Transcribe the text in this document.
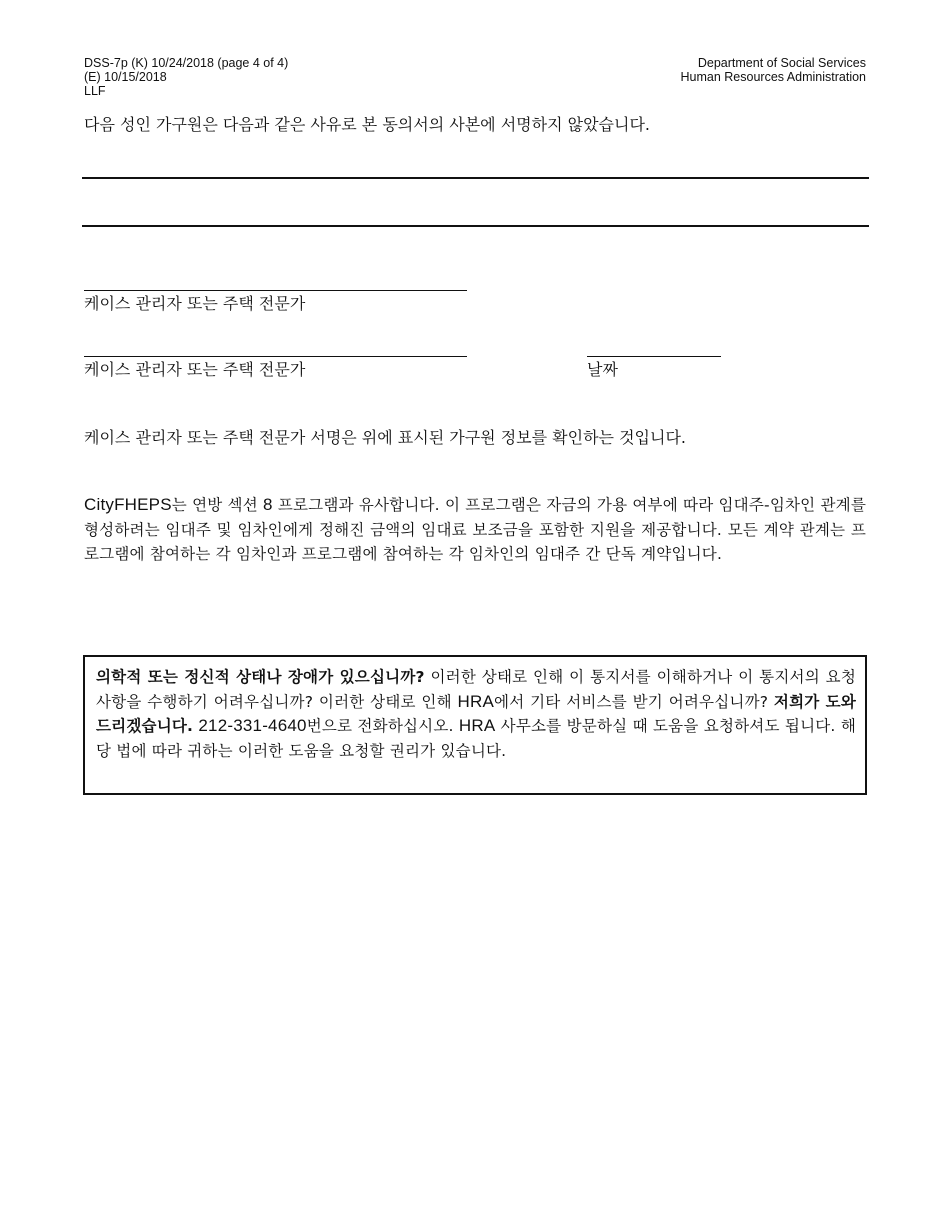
DSS-7p (K) 10/24/2018 (page 4 of 4)
(E) 10/15/2018
LLF
Department of Social Services
Human Resources Administration
다음 성인 가구원은 다음과 같은 사유로 본 동의서의 사본에 서명하지 않았습니다.
케이스 관리자 또는 주택 전문가
케이스 관리자 또는 주택 전문가	날짜
케이스 관리자 또는 주택 전문가 서명은 위에 표시된 가구원 정보를 확인하는 것입니다.
CityFHEPS는 연방 섹션 8 프로그램과 유사합니다. 이 프로그램은 자금의 가용 여부에 따라 임대주-임차인 관계를 형성하려는 임대주 및 임차인에게 정해진 금액의 임대료 보조금을 포함한 지원을 제공합니다. 모든 계약 관계는 프로그램에 참여하는 각 임차인과 프로그램에 참여하는 각 임차인의 임대주 간 단독 계약입니다.
의학적 또는 정신적 상태나 장애가 있으십니까? 이러한 상태로 인해 이 통지서를 이해하거나 이 통지서의 요청 사항을 수행하기 어려우십니까? 이러한 상태로 인해 HRA에서 기타 서비스를 받기 어려우십니까? 저희가 도와 드리겠습니다. 212-331-4640번으로 전화하십시오. HRA 사무소를 방문하실 때 도움을 요청하셔도 됩니다. 해당 법에 따라 귀하는 이러한 도움을 요청할 권리가 있습니다.
